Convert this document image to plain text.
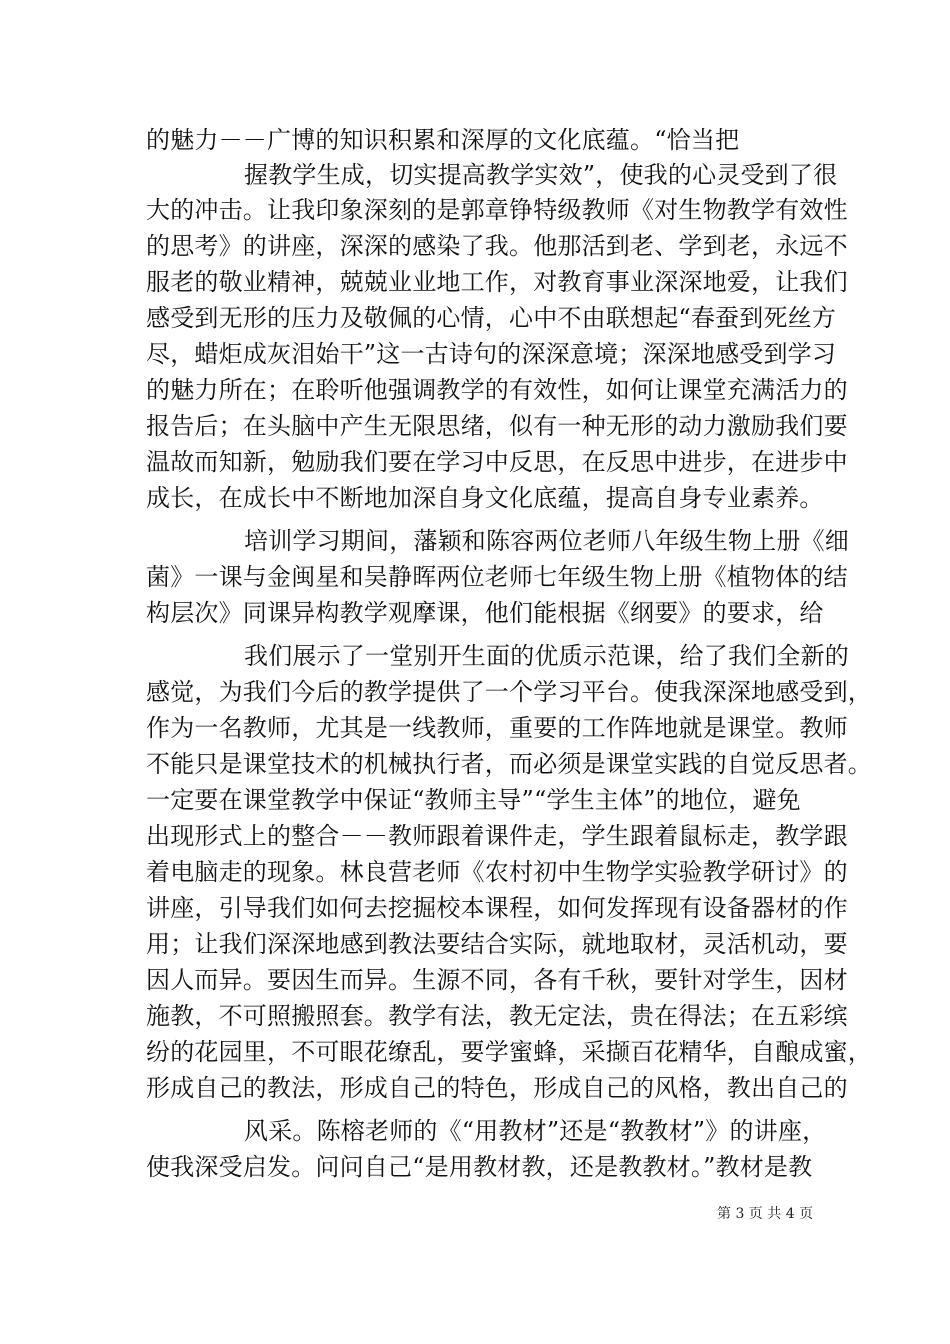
的魅力－－广博的知识积累和深厚的文化底蕴。“恰当把
握教学生成，切实提高教学实效”，使我的心灵受到了很
大的冲击。让我印象深刻的是郭章铮特级教师《对生物教学有效性
的思考》的讲座，深深的感染了我。他那活到老、学到老，永远不
服老的敬业精神，兢兢业业地工作，对教育事业深深地爱，让我们
感受到无形的压力及敬佩的心情，心中不由联想起“春蚕到死丝方
尽，蜡炬成灰泪始干”这一古诗句的深深意境；深深地感受到学习
的魅力所在；在聆听他强调教学的有效性，如何让课堂充满活力的
报告后；在头脑中产生无限思绪，似有一种无形的动力激励我们要
温故而知新，勉励我们要在学习中反思，在反思中进步，在进步中
成长，在成长中不断地加深自身文化底蕴，提高自身专业素养。
培训学习期间，藩颖和陈容两位老师八年级生物上册《细
菌》一课与金闽星和吴静晖两位老师七年级生物上册《植物体的结
构层次》同课异构教学观摩课，他们能根据《纲要》的要求，给
我们展示了一堂别开生面的优质示范课，给了我们全新的
感觉，为我们今后的教学提供了一个学习平台。使我深深地感受到，
作为一名教师，尤其是一线教师，重要的工作阵地就是课堂。教师
不能只是课堂技术的机械执行者，而必须是课堂实践的自觉反思者。
一定要在课堂教学中保证“教师主导”“学生主体”的地位，避免
出现形式上的整合－－教师跟着课件走，学生跟着鼠标走，教学跟
着电脑走的现象。林良营老师《农村初中生物学实验教学研讨》的
讲座，引导我们如何去挖掘校本课程，如何发挥现有设备器材的作
用；让我们深深地感到教法要结合实际，就地取材，灵活机动，要
因人而异。要因生而异。生源不同，各有千秋，要针对学生，因材
施教，不可照搬照套。教学有法，教无定法，贵在得法；在五彩缤
纷的花园里，不可眼花缭乱，要学蜜蜂，采撷百花精华，自酿成蜜，
形成自己的教法，形成自己的特色，形成自己的风格，教出自己的
风采。陈榕老师的《“用教材”还是“教教材”》的讲座，
使我深受启发。问问自己“是用教材教，还是教教材。”教材是教
第 3 页 共 4 页
